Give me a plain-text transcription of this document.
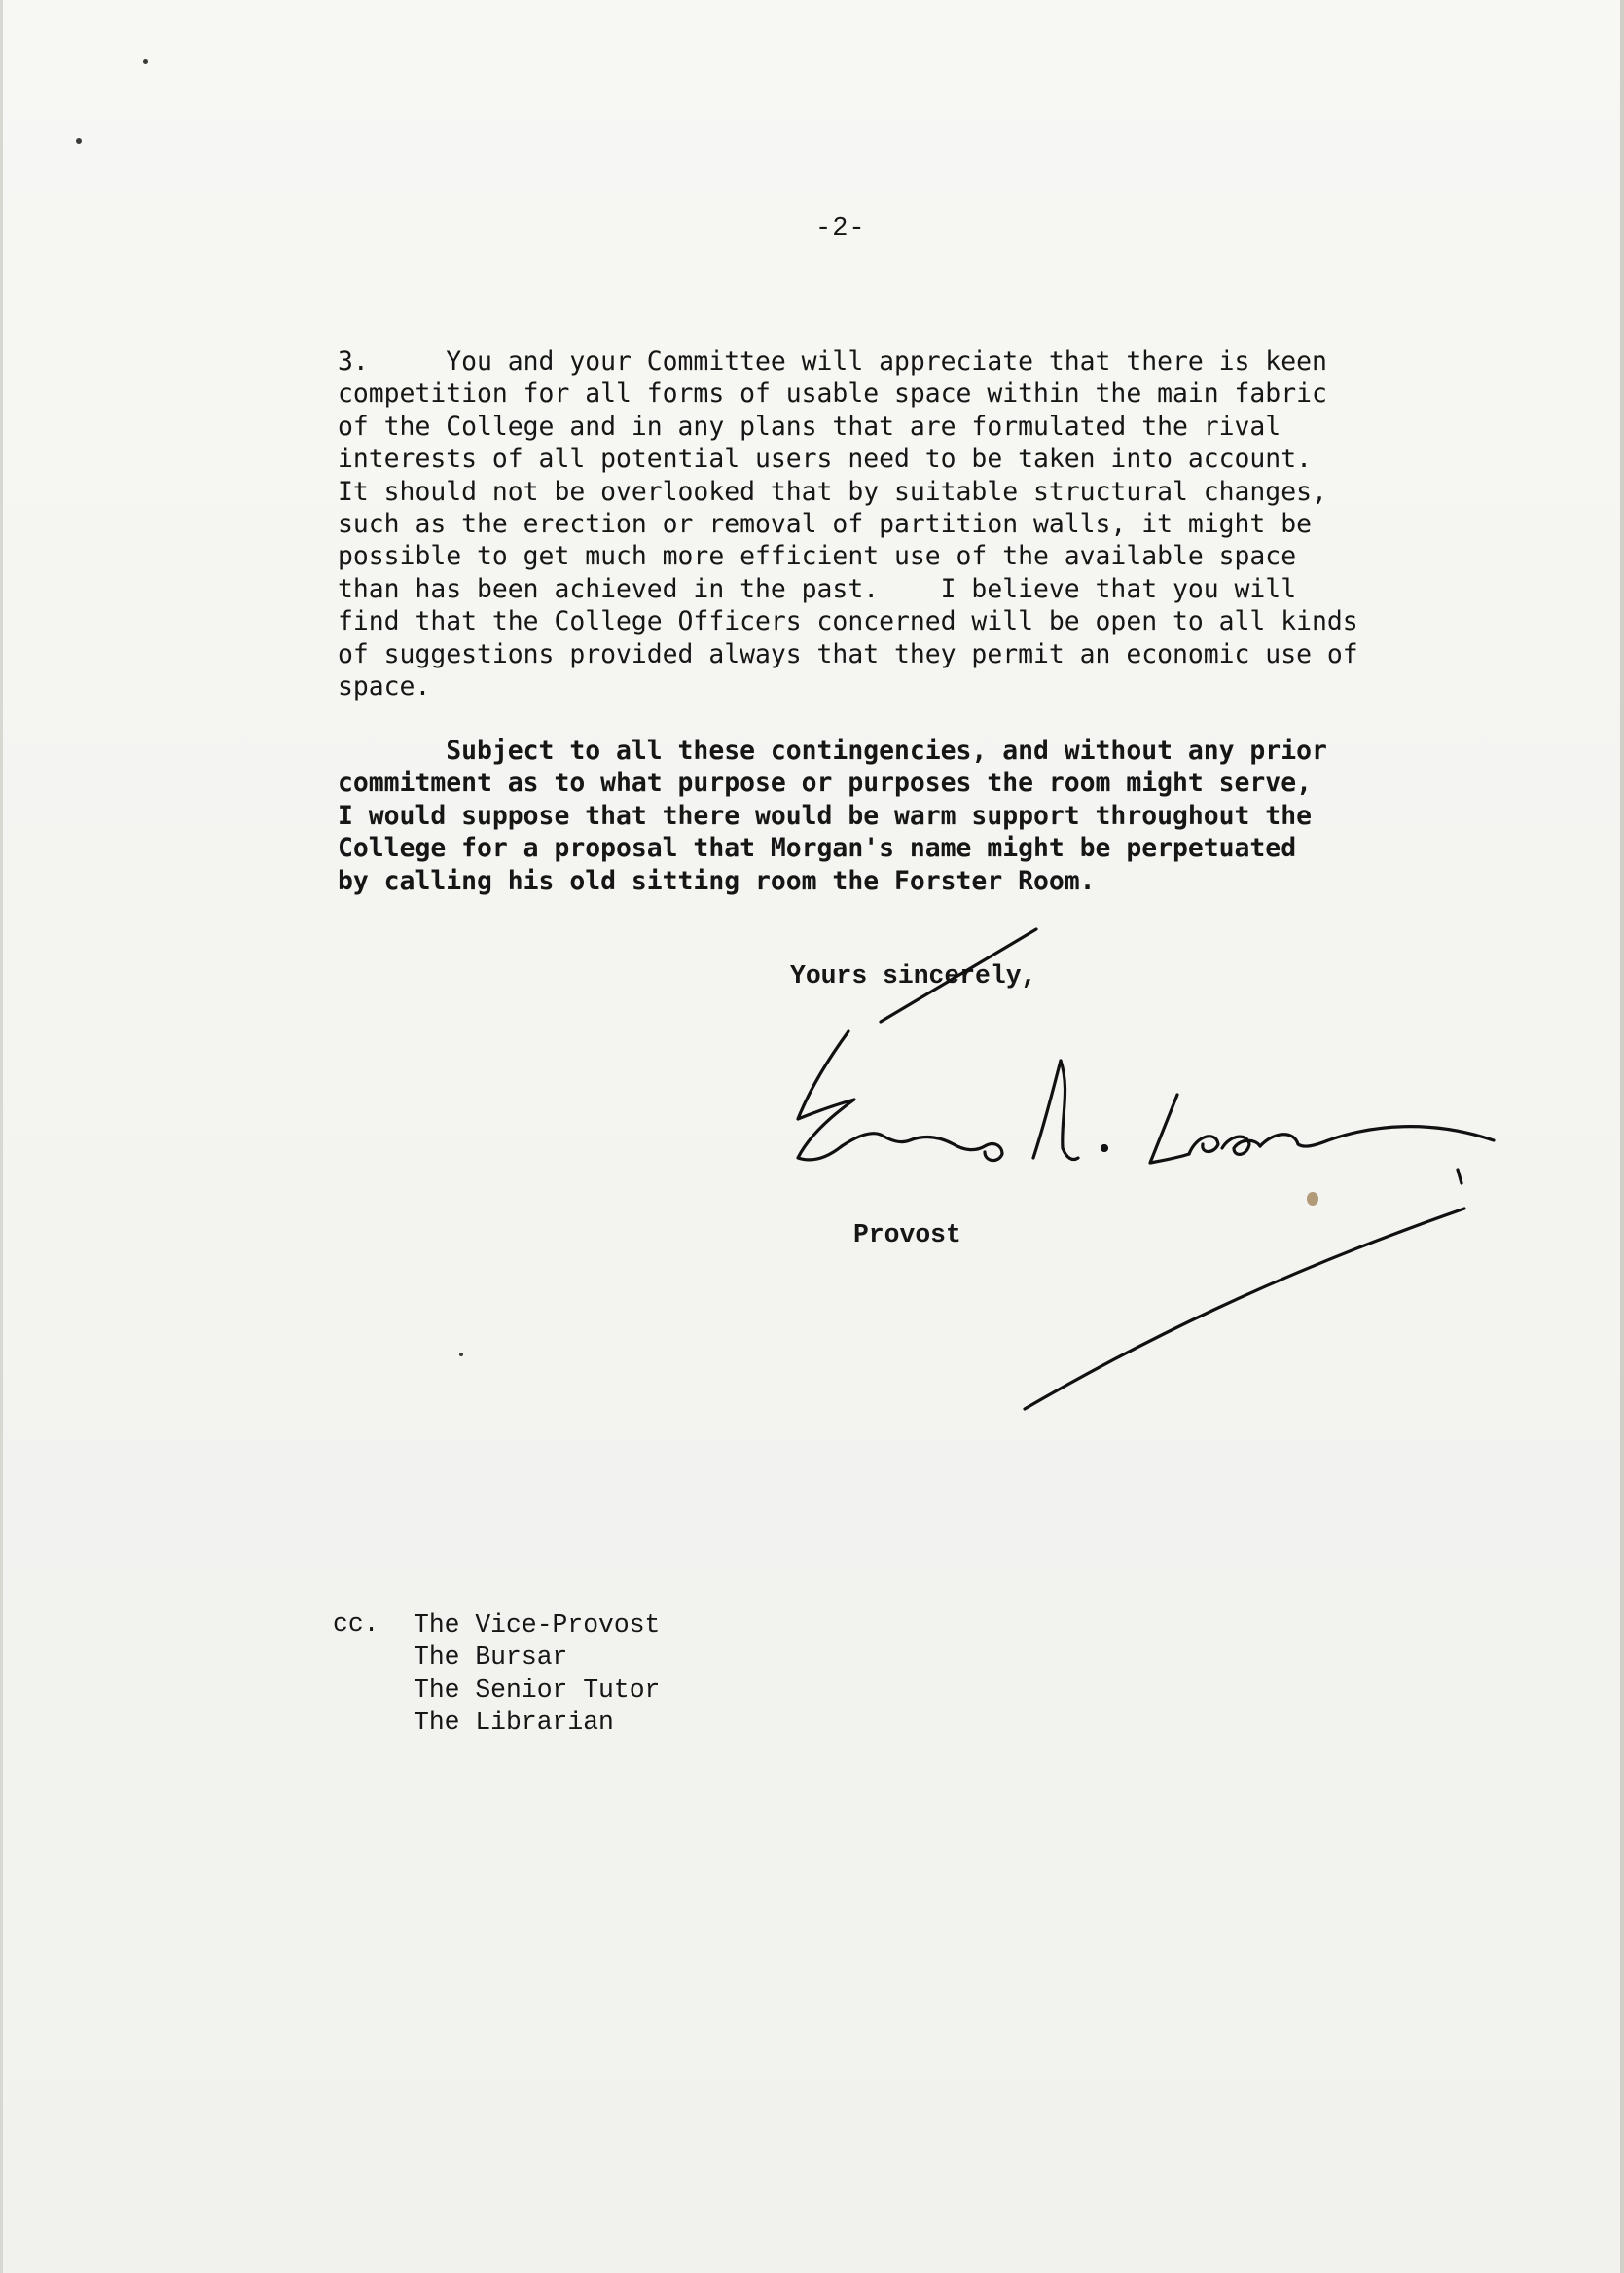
-2-
3.     You and your Committee will appreciate that there is keen
competition for all forms of usable space within the main fabric
of the College and in any plans that are formulated the rival
interests of all potential users need to be taken into account.
It should not be overlooked that by suitable structural changes,
such as the erection or removal of partition walls, it might be
possible to get much more efficient use of the available space
than has been achieved in the past.    I believe that you will
find that the College Officers concerned will be open to all kinds
of suggestions provided always that they permit an economic use of
space.
Subject to all these contingencies, and without any prior
commitment as to what purpose or purposes the room might serve,
I would suppose that there would be warm support throughout the
College for a proposal that Morgan's name might be perpetuated
by calling his old sitting room the Forster Room.
Yours sincerely,
Provost
cc. The Vice-Provost
The Bursar
The Senior Tutor
The Librarian
